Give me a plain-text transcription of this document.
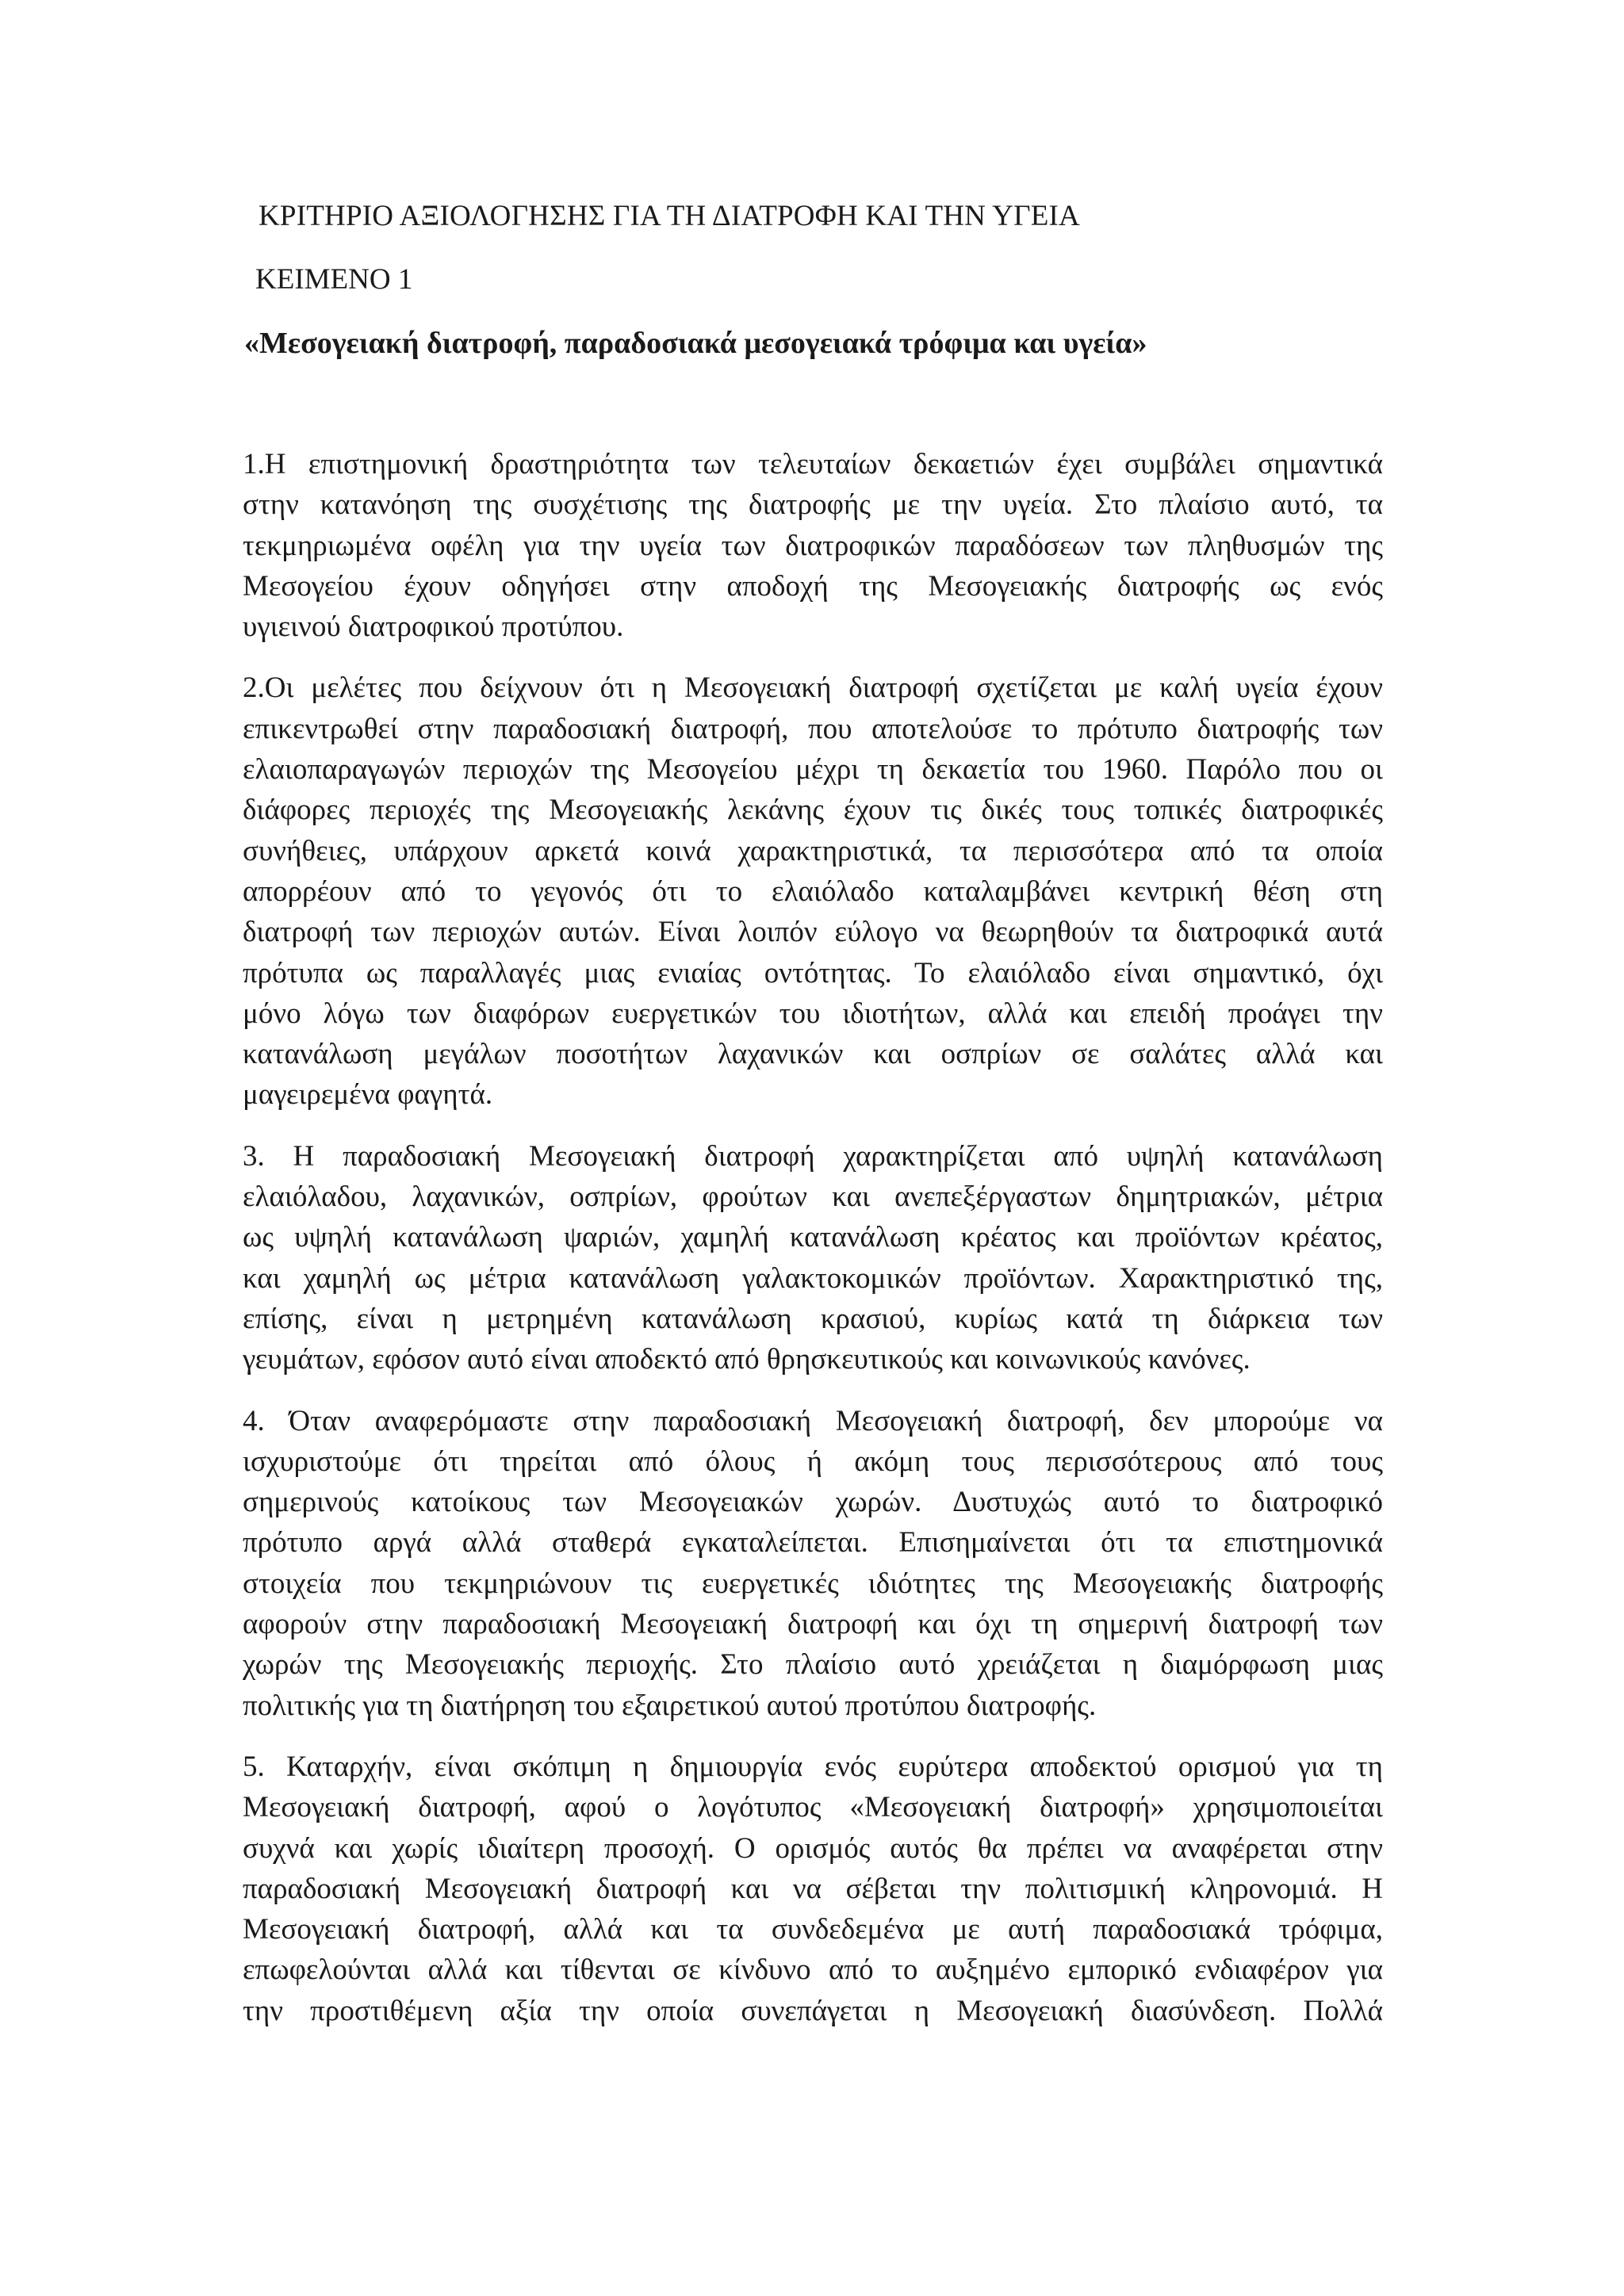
ΚΡΙΤΗΡΙΟ ΑΞΙΟΛΟΓΗΣΗΣ ΓΙΑ ΤΗ ΔΙΑΤΡΟΦΗ ΚΑΙ ΤΗΝ ΥΓΕΙΑ
ΚΕΙΜΕΝΟ 1
«Μεσογειακή διατροφή, παραδοσιακά μεσογειακά τρόφιμα και υγεία»
1.Η επιστημονική δραστηριότητα των τελευταίων δεκαετιών έχει συμβάλει σημαντικά
στην κατανόηση της συσχέτισης της διατροφής με την υγεία. Στο πλαίσιο αυτό, τα
τεκμηριωμένα οφέλη για την υγεία των διατροφικών παραδόσεων των πληθυσμών της
Μεσογείου έχουν οδηγήσει στην αποδοχή της Μεσογειακής διατροφής ως ενός
υγιεινού διατροφικού προτύπου.
2.Οι μελέτες που δείχνουν ότι η Μεσογειακή διατροφή σχετίζεται με καλή υγεία έχουν
επικεντρωθεί στην παραδοσιακή διατροφή, που αποτελούσε το πρότυπο διατροφής των
ελαιοπαραγωγών περιοχών της Μεσογείου μέχρι τη δεκαετία του 1960. Παρόλο που οι
διάφορες περιοχές της Μεσογειακής λεκάνης έχουν τις δικές τους τοπικές διατροφικές
συνήθειες, υπάρχουν αρκετά κοινά χαρακτηριστικά, τα περισσότερα από τα οποία
απορρέουν από το γεγονός ότι το ελαιόλαδο καταλαμβάνει κεντρική θέση στη
διατροφή των περιοχών αυτών. Είναι λοιπόν εύλογο να θεωρηθούν τα διατροφικά αυτά
πρότυπα ως παραλλαγές μιας ενιαίας οντότητας. Το ελαιόλαδο είναι σημαντικό, όχι
μόνο λόγω των διαφόρων ευεργετικών του ιδιοτήτων, αλλά και επειδή προάγει την
κατανάλωση μεγάλων ποσοτήτων λαχανικών και οσπρίων σε σαλάτες αλλά και
μαγειρεμένα φαγητά.
3. Η παραδοσιακή Μεσογειακή διατροφή χαρακτηρίζεται από υψηλή κατανάλωση
ελαιόλαδου, λαχανικών, οσπρίων, φρούτων και ανεπεξέργαστων δημητριακών, μέτρια
ως υψηλή κατανάλωση ψαριών, χαμηλή κατανάλωση κρέατος και προϊόντων κρέατος,
και χαμηλή ως μέτρια κατανάλωση γαλακτοκομικών προϊόντων. Χαρακτηριστικό της,
επίσης, είναι η μετρημένη κατανάλωση κρασιού, κυρίως κατά τη διάρκεια των
γευμάτων, εφόσον αυτό είναι αποδεκτό από θρησκευτικούς και κοινωνικούς κανόνες.
4. Όταν αναφερόμαστε στην παραδοσιακή Μεσογειακή διατροφή, δεν μπορούμε να
ισχυριστούμε ότι τηρείται από όλους ή ακόμη τους περισσότερους από τους
σημερινούς κατοίκους των Μεσογειακών χωρών. Δυστυχώς αυτό το διατροφικό
πρότυπο αργά αλλά σταθερά εγκαταλείπεται. Επισημαίνεται ότι τα επιστημονικά
στοιχεία που τεκμηριώνουν τις ευεργετικές ιδιότητες της Μεσογειακής διατροφής
αφορούν στην παραδοσιακή Μεσογειακή διατροφή και όχι τη σημερινή διατροφή των
χωρών της Μεσογειακής περιοχής. Στο πλαίσιο αυτό χρειάζεται η διαμόρφωση μιας
πολιτικής για τη διατήρηση του εξαιρετικού αυτού προτύπου διατροφής.
5. Καταρχήν, είναι σκόπιμη η δημιουργία ενός ευρύτερα αποδεκτού ορισμού για τη
Μεσογειακή διατροφή, αφού ο λογότυπος «Μεσογειακή διατροφή» χρησιμοποιείται
συχνά και χωρίς ιδιαίτερη προσοχή. Ο ορισμός αυτός θα πρέπει να αναφέρεται στην
παραδοσιακή Μεσογειακή διατροφή και να σέβεται την πολιτισμική κληρονομιά. Η
Μεσογειακή διατροφή, αλλά και τα συνδεδεμένα με αυτή παραδοσιακά τρόφιμα,
επωφελούνται αλλά και τίθενται σε κίνδυνο από το αυξημένο εμπορικό ενδιαφέρον για
την προστιθέμενη αξία την οποία συνεπάγεται η Μεσογειακή διασύνδεση. Πολλά
